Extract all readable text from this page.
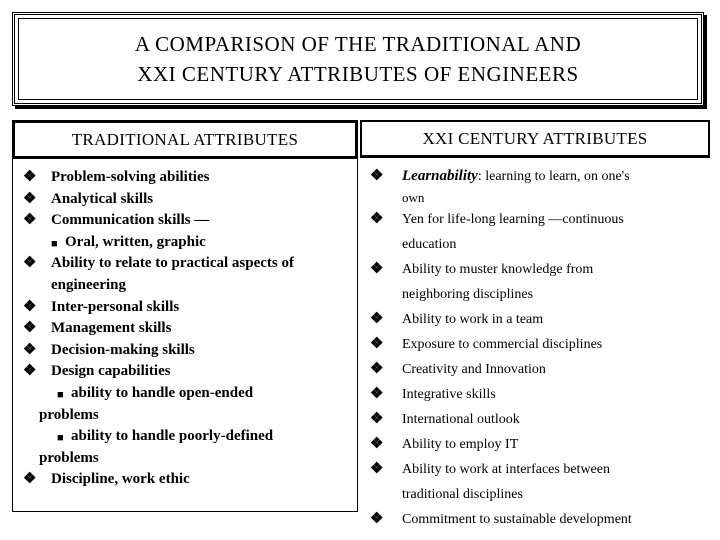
A COMPARISON OF THE TRADITIONAL AND
XXI CENTURY ATTRIBUTES OF ENGINEERS
TRADITIONAL ATTRIBUTES
❖ Problem-solving abilities
❖ Analytical skills
❖ Communication skills —
■ Oral, written, graphic
❖ Ability to relate to practical aspects of
engineering
❖ Inter-personal skills
❖ Management skills
❖ Decision-making skills
❖ Design capabilities
■ ability to handle open-ended
problems
■ ability to handle poorly-defined
problems
❖ Discipline, work ethic
XXI CENTURY ATTRIBUTES
❖ Learnability: learning to learn, on one's
own
❖ Yen for life-long learning —continuous
education
❖ Ability to muster knowledge from
neighboring disciplines
❖ Ability to work in a team
❖ Exposure to commercial disciplines
❖ Creativity and Innovation
❖ Integrative skills
❖ International outlook
❖ Ability to employ IT
❖ Ability to work at interfaces between
traditional disciplines
❖ Commitment to sustainable development
